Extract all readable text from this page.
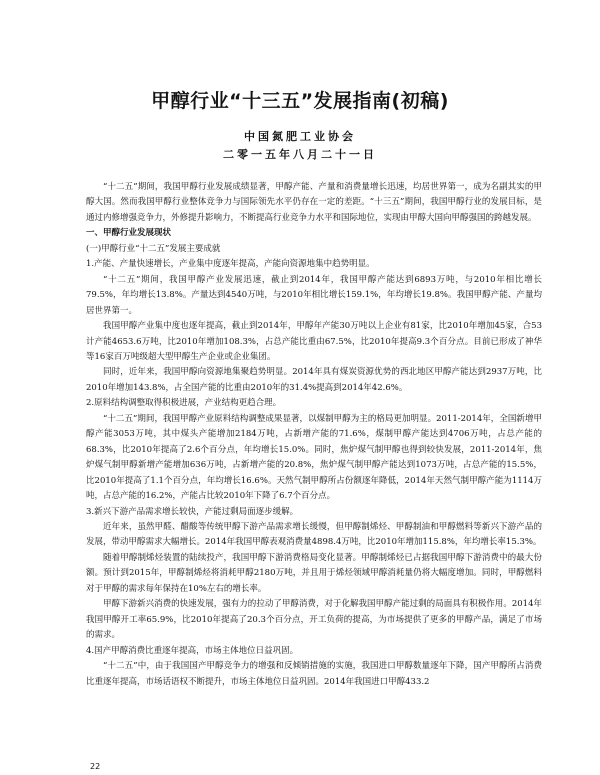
甲醇行业“十三五”发展指南(初稿)
中国氮肥工业协会
二零一五年八月二十一日

“十二五”期间，我国甲醇行业发展成绩显著，甲醇产能、产量和消费量增长迅速，均居世界第一，成为名副其实的甲醇大国。然而我国甲醇行业整体竞争力与国际领先水平仍存在一定的差距。“十三五”期间，我国甲醇行业的发展目标，是通过内修增强竞争力，外修提升影响力，不断提高行业竞争力水平和国际地位，实现由甲醇大国向甲醇强国的跨越发展。

一、甲醇行业发展现状

(一)甲醇行业“十二五”发展主要成就

1.产能、产量快速增长，产业集中度逐年提高，产能向资源地集中趋势明显。

“十二五”期间，我国甲醇产业发展迅速，截止到2014年，我国甲醇产能达到6893万吨，与2010年相比增长79.5%，年均增长13.8%。产量达到4540万吨，与2010年相比增长159.1%，年均增长19.8%。我国甲醇产能、产量均居世界第一。

我国甲醇产业集中度也逐年提高，截止到2014年，甲醇年产能30万吨以上企业有81家，比2010年增加45家，合53计产能4653.6万吨，比2010年增加108.3%，占总产能比重由67.5%，比2010年提高9.3个百分点。目前已形成了神华等16家百万吨级超大型甲醇生产企业或企业集团。

同时，近年来，我国甲醇向资源地集聚趋势明显。2014年具有煤炭资源优势的西北地区甲醇产能达到2937万吨，比2010年增加143.8%，占全国产能的比重由2010年的31.4%提高到2014年42.6%。

2.原料结构调整取得积极进展，产业结构更趋合理。

“十二五”期间，我国甲醇产业原料结构调整成果显著，以煤制甲醇为主的格局更加明显。2011-2014年，全国新增甲醇产能3053万吨，其中煤头产能增加2184万吨，占新增产能的71.6%，煤制甲醇产能达到4706万吨，占总产能的68.3%，比2010年提高了2.6个百分点，年均增长15.0%。同时，焦炉煤气制甲醇也得到较快发展，2011-2014年，焦炉煤气制甲醇新增产能增加636万吨，占新增产能的20.8%，焦炉煤气制甲醇产能达到1073万吨，占总产能的15.5%，比2010年提高了1.1个百分点，年均增长16.6%。天然气制甲醇所占份额逐年降低，2014年天然气制甲醇产能为1114万吨，占总产能的16.2%，产能占比较2010年下降了6.7个百分点。

3.新兴下游产品需求增长较快，产能过剩局面逐步缓解。

近年来，虽然甲醛、醋酸等传统甲醇下游产品需求增长缓慢，但甲醇制烯烃、甲醇制油和甲醇燃料等新兴下游产品的发展，带动甲醇需求大幅增长。2014年我国甲醇表观消费量4898.4万吨，比2010年增加115.8%，年均增长率15.3%。

随着甲醇制烯烃装置的陆续投产，我国甲醇下游消费格局变化显著。甲醇制烯烃已占据我国甲醇下游消费中的最大份额。预计到2015年，甲醇制烯烃将消耗甲醇2180万吨，并且用于烯烃领域甲醇消耗量仍将大幅度增加。同时，甲醇燃料对于甲醇的需求每年保持在10%左右的增长率。

甲醇下游新兴消费的快速发展，强有力的拉动了甲醇消费，对于化解我国甲醇产能过剩的局面具有积极作用。2014年我国甲醇开工率65.9%，比2010年提高了20.3个百分点，开工负荷的提高，为市场提供了更多的甲醇产品，满足了市场的需求。

4.国产甲醇消费比重逐年提高，市场主体地位日益巩固。

“十二五”中，由于我国国产甲醇竞争力的增强和反倾销措施的实施，我国进口甲醇数量逐年下降，国产甲醇所占消费比重逐年提高，市场话语权不断提升，市场主体地位日益巩固。2014年我国进口甲醇433.2

22
